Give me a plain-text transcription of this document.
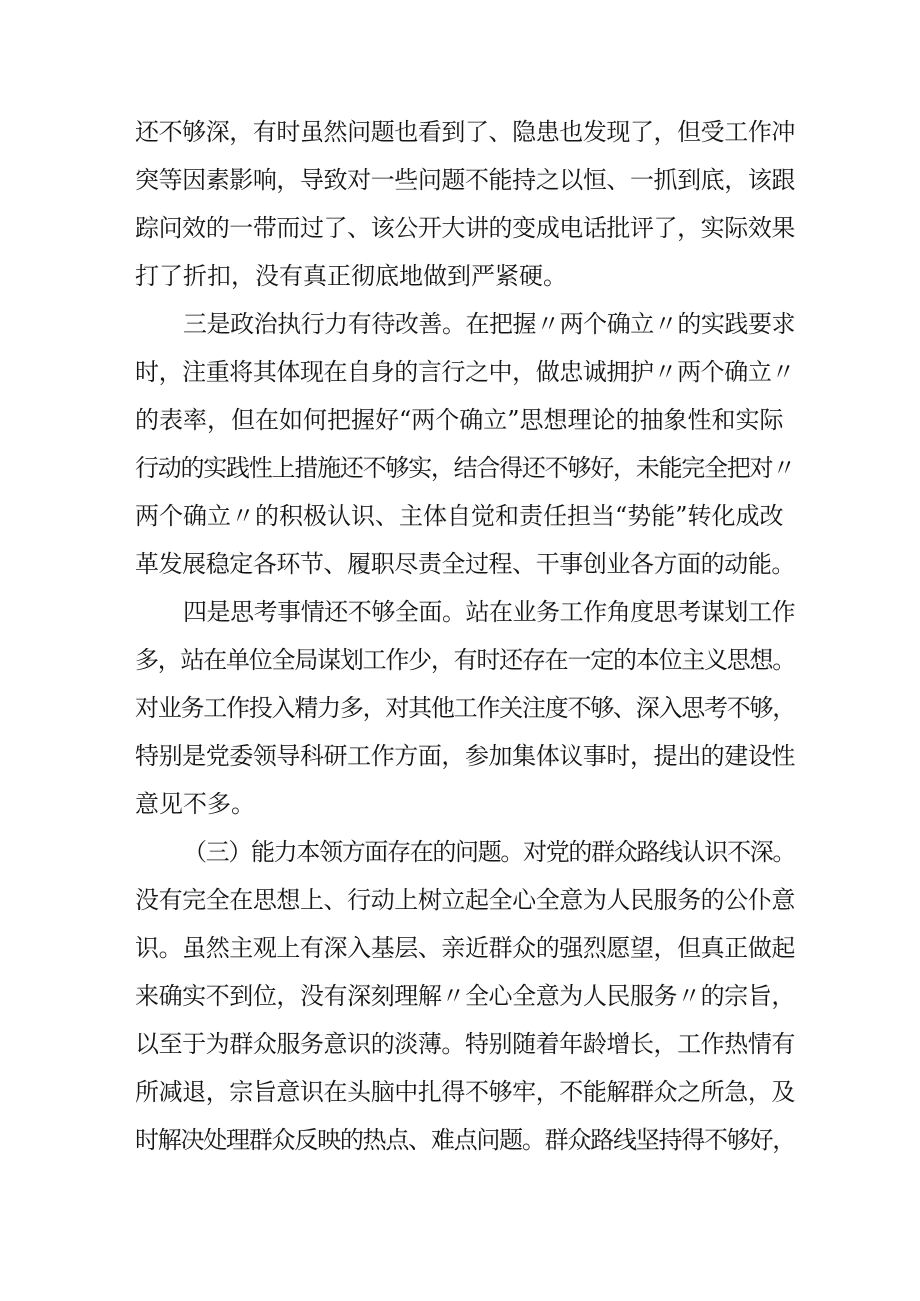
还不够深，有时虽然问题也看到了、隐患也发现了，但受工作冲
突等因素影响，导致对一些问题不能持之以恒、一抓到底，该跟
踪问效的一带而过了、该公开大讲的变成电话批评了，实际效果
打了折扣，没有真正彻底地做到严紧硬。
三是政治执行力有待改善。在把握〃两个确立〃的实践要求
时，注重将其体现在自身的言行之中，做忠诚拥护〃两个确立〃
的表率，但在如何把握好“两个确立”思想理论的抽象性和实际
行动的实践性上措施还不够实，结合得还不够好，未能完全把对〃
两个确立〃的积极认识、主体自觉和责任担当“势能”转化成改
革发展稳定各环节、履职尽责全过程、干事创业各方面的动能。
四是思考事情还不够全面。站在业务工作角度思考谋划工作
多，站在单位全局谋划工作少，有时还存在一定的本位主义思想。
对业务工作投入精力多，对其他工作关注度不够、深入思考不够，
特别是党委领导科研工作方面，参加集体议事时，提出的建设性
意见不多。
（三）能力本领方面存在的问题。对党的群众路线认识不深。
没有完全在思想上、行动上树立起全心全意为人民服务的公仆意
识。虽然主观上有深入基层、亲近群众的强烈愿望，但真正做起
来确实不到位，没有深刻理解〃全心全意为人民服务〃的宗旨，
以至于为群众服务意识的淡薄。特别随着年龄增长，工作热情有
所减退，宗旨意识在头脑中扎得不够牢，不能解群众之所急，及
时解决处理群众反映的热点、难点问题。群众路线坚持得不够好，
